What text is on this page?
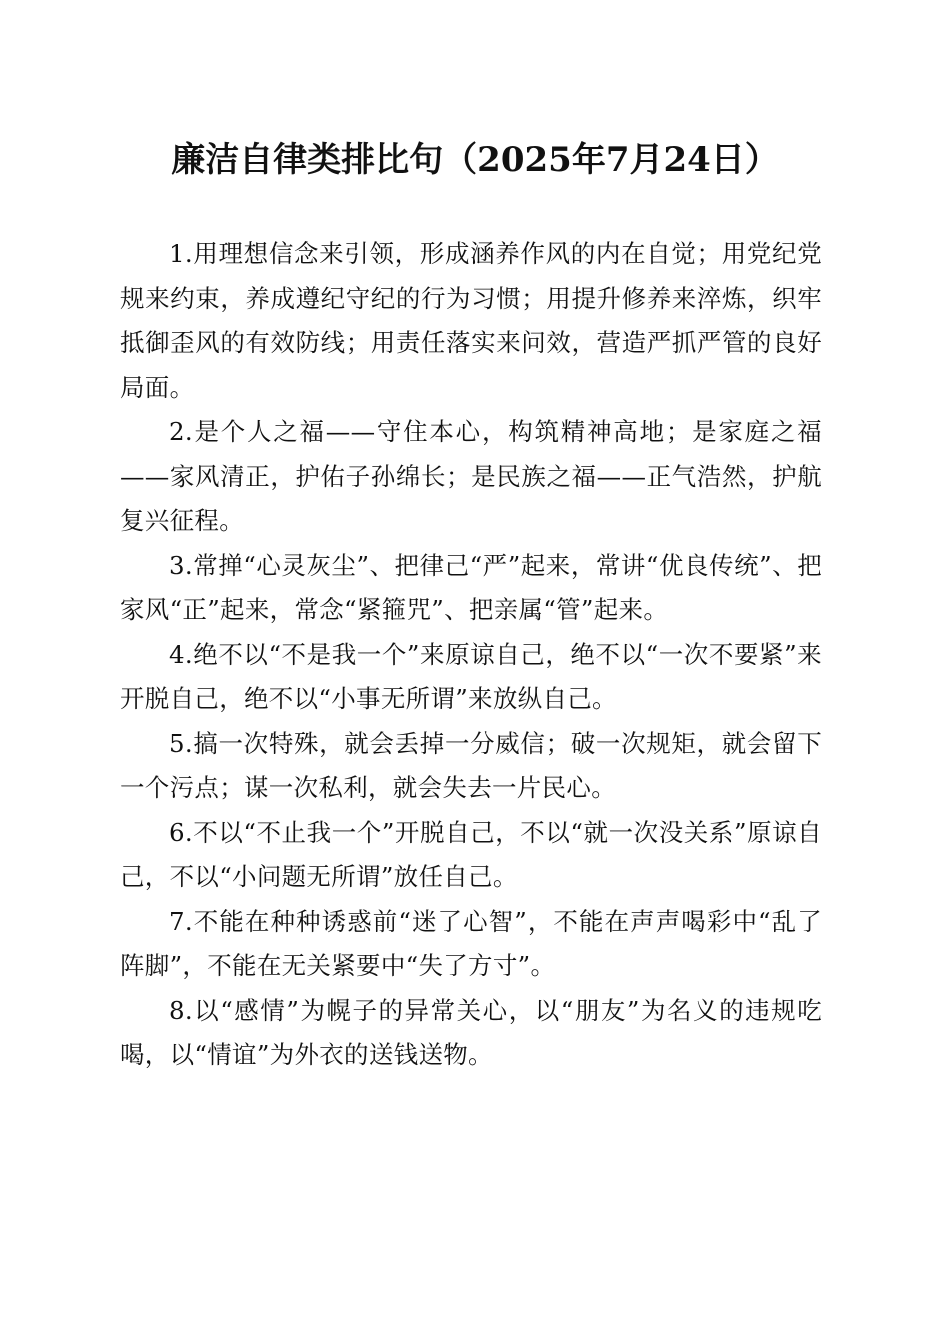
廉洁自律类排比句（2025年7月24日）

1.用理想信念来引领，形成涵养作风的内在自觉；用党纪党规来约束，养成遵纪守纪的行为习惯；用提升修养来淬炼，织牢抵御歪风的有效防线；用责任落实来问效，营造严抓严管的良好局面。

2.是个人之福——守住本心，构筑精神高地；是家庭之福——家风清正，护佑子孙绵长；是民族之福——正气浩然，护航复兴征程。

3.常掸“心灵灰尘”、把律己“严”起来，常讲“优良传统”、把家风“正”起来，常念“紧箍咒”、把亲属“管”起来。

4.绝不以“不是我一个”来原谅自己，绝不以“一次不要紧”来开脱自己，绝不以“小事无所谓”来放纵自己。

5.搞一次特殊，就会丢掉一分威信；破一次规矩，就会留下一个污点；谋一次私利，就会失去一片民心。

6.不以“不止我一个”开脱自己，不以“就一次没关系”原谅自己，不以“小问题无所谓”放任自己。

7.不能在种种诱惑前“迷了心智”，不能在声声喝彩中“乱了阵脚”，不能在无关紧要中“失了方寸”。

8.以“感情”为幌子的异常关心，以“朋友”为名义的违规吃喝，以“情谊”为外衣的送钱送物。
